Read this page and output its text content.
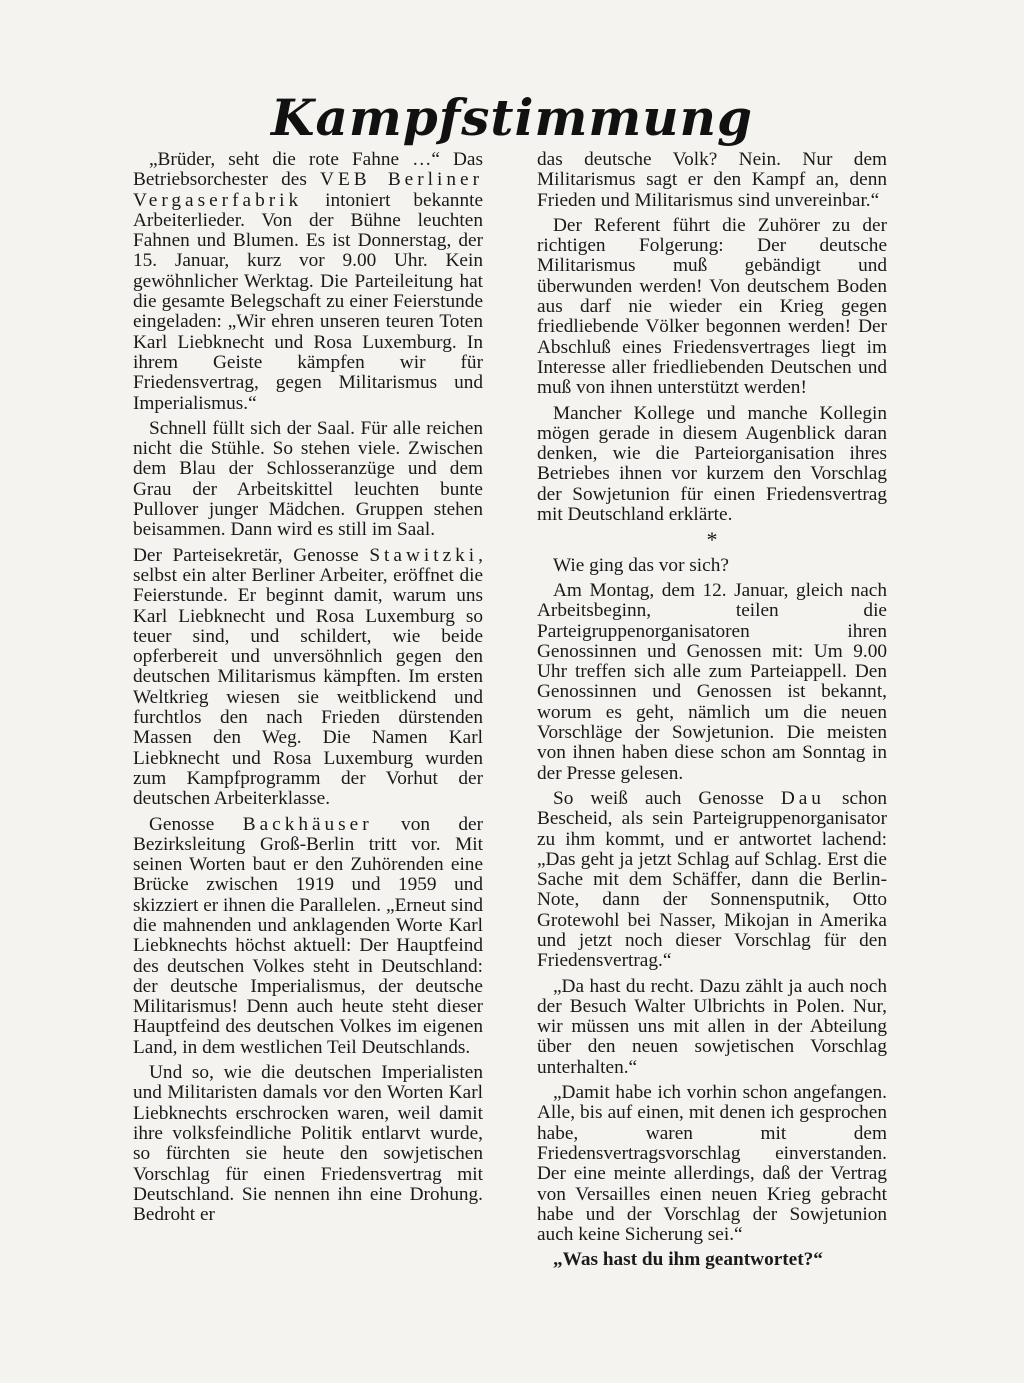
Kampfstimmung

„Brüder, seht die rote Fahne …“ Das Betriebsorchester des VEB Berliner Vergaserfabrik intoniert bekannte Arbeiterlieder. Von der Bühne leuchten Fahnen und Blumen. Es ist Donnerstag, der 15. Januar, kurz vor 9.00 Uhr. Kein gewöhnlicher Werktag. Die Parteileitung hat die gesamte Belegschaft zu einer Feierstunde eingeladen: „Wir ehren unseren teuren Toten Karl Liebknecht und Rosa Luxemburg. In ihrem Geiste kämpfen wir für Friedensvertrag, gegen Militarismus und Imperialismus.“

Schnell füllt sich der Saal. Für alle reichen nicht die Stühle. So stehen viele. Zwischen dem Blau der Schlosseranzüge und dem Grau der Arbeitskittel leuchten bunte Pullover junger Mädchen. Gruppen stehen beisammen. Dann wird es still im Saal.

Der Parteisekretär, Genosse Stawitzki, selbst ein alter Berliner Arbeiter, eröffnet die Feierstunde. Er beginnt damit, warum uns Karl Liebknecht und Rosa Luxemburg so teuer sind, und schildert, wie beide opferbereit und unversöhnlich gegen den deutschen Militarismus kämpften. Im ersten Weltkrieg wiesen sie weitblickend und furchtlos den nach Frieden dürstenden Massen den Weg. Die Namen Karl Liebknecht und Rosa Luxemburg wurden zum Kampfprogramm der Vorhut der deutschen Arbeiterklasse.

Genosse Backhäuser von der Bezirksleitung Groß-Berlin tritt vor. Mit seinen Worten baut er den Zuhörenden eine Brücke zwischen 1919 und 1959 und skizziert er ihnen die Parallelen. „Erneut sind die mahnenden und anklagenden Worte Karl Liebknechts höchst aktuell: Der Hauptfeind des deutschen Volkes steht in Deutschland: der deutsche Imperialismus, der deutsche Militarismus! Denn auch heute steht dieser Hauptfeind des deutschen Volkes im eigenen Land, in dem westlichen Teil Deutschlands.

Und so, wie die deutschen Imperialisten und Militaristen damals vor den Worten Karl Liebknechts erschrocken waren, weil damit ihre volksfeindliche Politik entlarvt wurde, so fürchten sie heute den sowjetischen Vorschlag für einen Friedensvertrag mit Deutschland. Sie nennen ihn eine Drohung. Bedroht er

das deutsche Volk? Nein. Nur dem Militarismus sagt er den Kampf an, denn Frieden und Militarismus sind unvereinbar.“

Der Referent führt die Zuhörer zu der richtigen Folgerung: Der deutsche Militarismus muß gebändigt und überwunden werden! Von deutschem Boden aus darf nie wieder ein Krieg gegen friedliebende Völker begonnen werden! Der Abschluß eines Friedensvertrages liegt im Interesse aller friedliebenden Deutschen und muß von ihnen unterstützt werden!

Mancher Kollege und manche Kollegin mögen gerade in diesem Augenblick daran denken, wie die Parteiorganisation ihres Betriebes ihnen vor kurzem den Vorschlag der Sowjetunion für einen Friedensvertrag mit Deutschland erklärte.

*

Wie ging das vor sich?

Am Montag, dem 12. Januar, gleich nach Arbeitsbeginn, teilen die Parteigruppenorganisatoren ihren Genossinnen und Genossen mit: Um 9.00 Uhr treffen sich alle zum Parteiappell. Den Genossinnen und Genossen ist bekannt, worum es geht, nämlich um die neuen Vorschläge der Sowjetunion. Die meisten von ihnen haben diese schon am Sonntag in der Presse gelesen.

So weiß auch Genosse Dau schon Bescheid, als sein Parteigruppenorganisator zu ihm kommt, und er antwortet lachend: „Das geht ja jetzt Schlag auf Schlag. Erst die Sache mit dem Schäffer, dann die Berlin-Note, dann der Sonnensputnik, Otto Grotewohl bei Nasser, Mikojan in Amerika und jetzt noch dieser Vorschlag für den Friedensvertrag.“

„Da hast du recht. Dazu zählt ja auch noch der Besuch Walter Ulbrichts in Polen. Nur, wir müssen uns mit allen in der Abteilung über den neuen sowjetischen Vorschlag unterhalten.“

„Damit habe ich vorhin schon angefangen. Alle, bis auf einen, mit denen ich gesprochen habe, waren mit dem Friedensvertragsvorschlag einverstanden. Der eine meinte allerdings, daß der Vertrag von Versailles einen neuen Krieg gebracht habe und der Vorschlag der Sowjetunion auch keine Sicherung sei.“

„Was hast du ihm geantwortet?“
